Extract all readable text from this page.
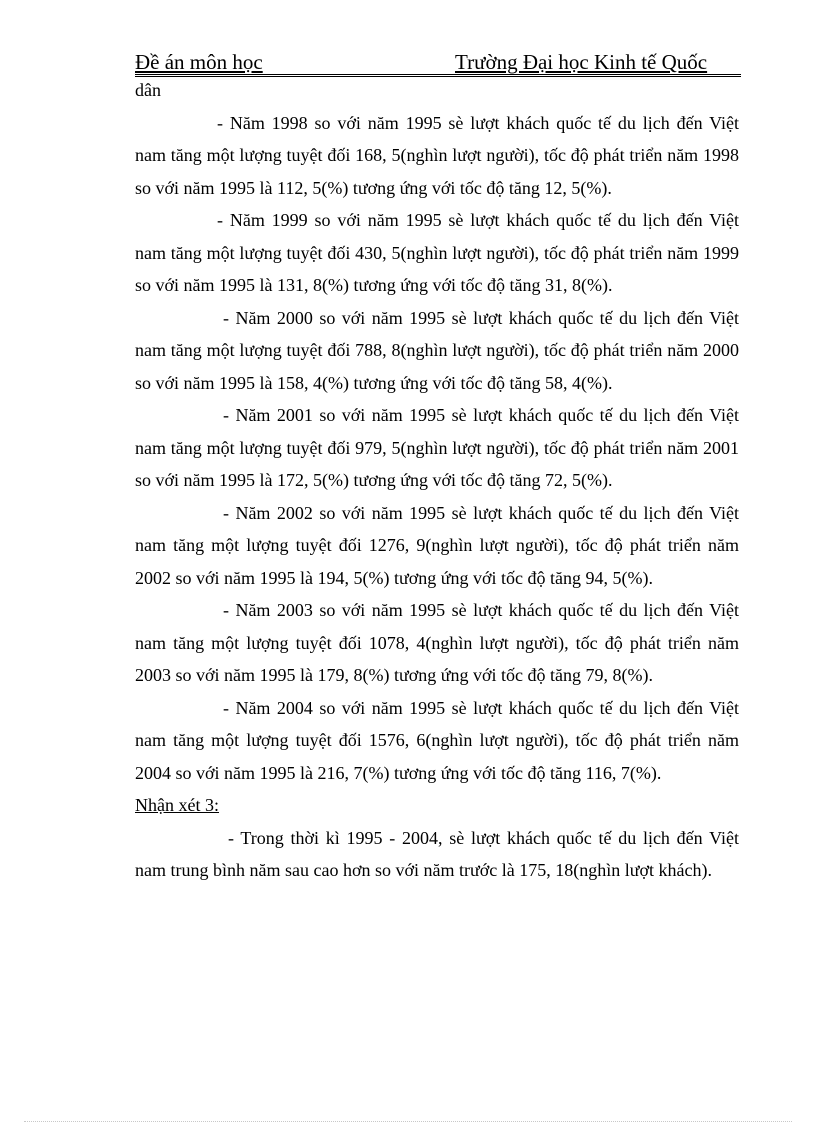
Đề án môn học	Trường Đại học Kinh tế Quốc

dân

- Năm 1998 so với năm 1995 sè lượt khách quốc tế du lịch đến Việt nam tăng một lượng tuyệt đối 168, 5(nghìn lượt người), tốc độ phát triển năm 1998 so với năm 1995 là 112, 5(%) tương ứng với tốc độ tăng 12, 5(%).

- Năm 1999 so với năm 1995 sè lượt khách quốc tế du lịch đến Việt nam tăng một lượng tuyệt đối 430, 5(nghìn lượt người), tốc độ phát triển năm 1999 so với năm 1995 là 131, 8(%) tương ứng với tốc độ tăng 31, 8(%).

- Năm 2000 so với năm 1995 sè lượt khách quốc tế du lịch đến Việt nam tăng một lượng tuyệt đối 788, 8(nghìn lượt người), tốc độ phát triển năm 2000 so với năm 1995 là 158, 4(%) tương ứng với tốc độ tăng 58, 4(%).

- Năm 2001 so với năm 1995 sè lượt khách quốc tế du lịch đến Việt nam tăng một lượng tuyệt đối 979, 5(nghìn lượt người), tốc độ phát triển năm 2001 so với năm 1995 là 172, 5(%) tương ứng với tốc độ tăng 72, 5(%).

- Năm 2002 so với năm 1995 sè lượt khách quốc tế du lịch đến Việt nam tăng một lượng tuyệt đối 1276, 9(nghìn lượt người), tốc độ phát triển năm 2002 so với năm 1995 là 194, 5(%) tương ứng với tốc độ tăng 94, 5(%).

- Năm 2003 so với năm 1995 sè lượt khách quốc tế du lịch đến Việt nam tăng một lượng tuyệt đối 1078, 4(nghìn lượt người), tốc độ phát triển năm 2003 so với năm 1995 là 179, 8(%) tương ứng với tốc độ tăng 79, 8(%).

- Năm 2004 so với năm 1995 sè lượt khách quốc tế du lịch đến Việt nam tăng một lượng tuyệt đối 1576, 6(nghìn lượt người), tốc độ phát triển năm 2004 so với năm 1995 là 216, 7(%) tương ứng với tốc độ tăng 116, 7(%).

Nhận xét 3:

- Trong thời kì 1995 - 2004, sè lượt khách quốc tế du lịch đến Việt nam trung bình năm sau cao hơn so với năm trước là 175, 18(nghìn lượt khách).
